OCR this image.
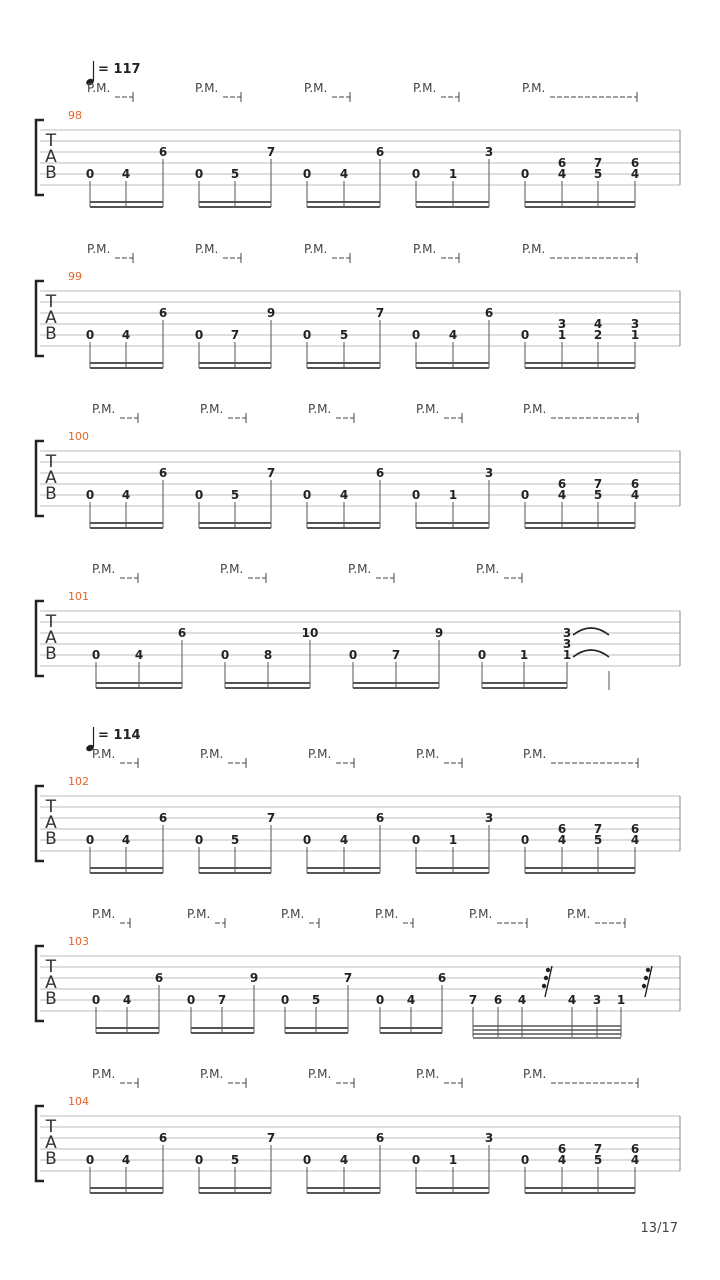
T
A
B
98
= 117
P.M.	P.M.	P.M.	P.M.	P.M.
0 4
6
0 5
7
0 4
6
0 1
3
0
6
4
7
5
6
4
T
A
B
99
P.M.	P.M.	P.M.	P.M.	P.M.
0 4
6
0 7
9
0 5
7
0 4
6
0
3
1
4
2
3
1
T
A
B
100
P.M.	P.M.	P.M.	P.M.	P.M.
0 4
6
0 5
7
0 4
6
0 1
3
0
6
4
7
5
6
4
T
A
B
101
P.M.	P.M.	P.M.	P.M.
0	4
6
0	8
10
0	7
9
0	1
3
3
1
T
A
B
102
= 114
P.M.	P.M.	P.M.	P.M.	P.M.
0 4
6
0 5
7
0 4
6
0 1
3
0
6
4
7
5
6
4
T
A
B
103
P.M.	P.M.	P.M.	P.M.	P.M.	P.M.
0 4
6
0 7
9
0 5
7
0 4
6
7 6 4	4 3 1
T
A
B
104
P.M.	P.M.	P.M.	P.M.	P.M.
0 4
6
0 5
7
0 4
6
0 1
3
0
6
4
7
5
6
4
13/17
